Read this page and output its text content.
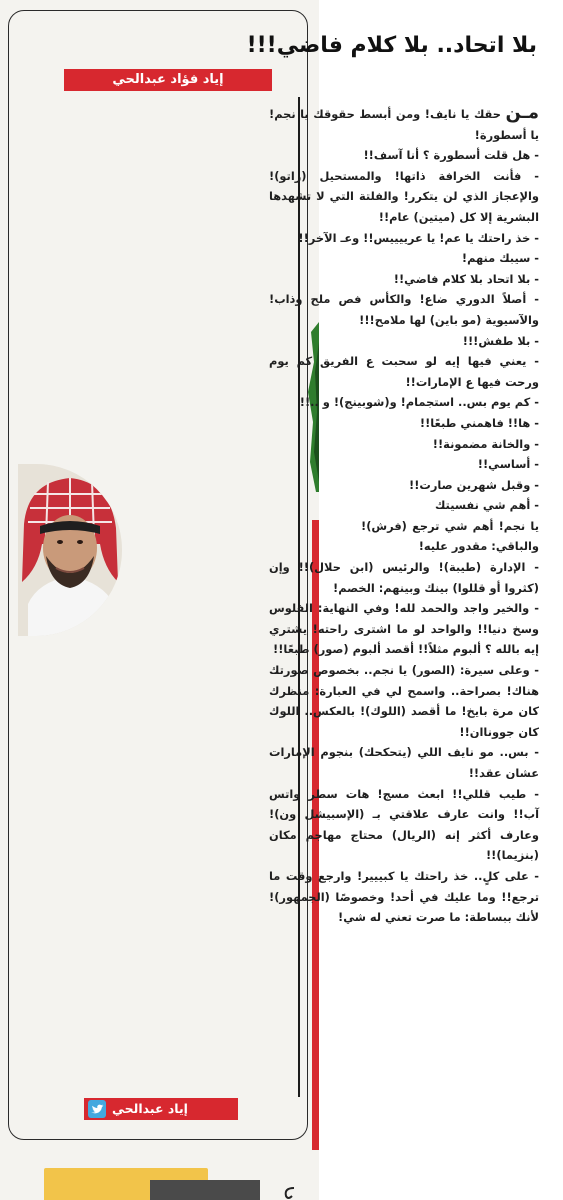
بلا اتحاد.. بلا كلام فاضي!!!
إياد فؤاد عبدالحي
مـن حقك يا نايف! ومن أبسط حقوقك يا نجم! يا أسطورة!
- هل قلت أسطورة ؟ أنا آسف!!
- فأنت الخرافة ذاتها! والمستحيل (زاتو)! والإعجاز الذي لن يتكرر! والفلتة التي لا تشهدها البشرية إلا كل (ميتين) عام!!
- خذ راحتك يا عم! يا عرييييس!! وعـ الآخر!!
- سيبك منهم!
- بلا اتحاد بلا كلام فاضي!!
- أصلاً الدوري ضاع! والكأس فص ملح وذاب! والآسيوية (مو باين) لها ملامح!!!
- بلا طفش!!!
- يعني فيها إيه لو سحبت ع الفريق كم يوم ورحت فيها ع الإمارات!!
- كم يوم بس.. استجمام! و(شوبينج)! و ..!!
- ها!! فاهمني طبعًا!!
- والخانة مضمونة!!
- أساسي!!
- وقبل شهرين صارت!!
- أهم شي نفسيتك
يا نجم! أهم شي ترجع (فرش)! والباقي: مقدور عليه!
- الإدارة (طيبة)! والرئيس (ابن حلال)!! وإن (كثروا أو قللوا) بينك وبينهم: الخصم!
- والخير واجد والحمد لله! وفي النهاية: الفلوس وسخ دنيا!! والواحد لو ما اشترى راحته! يشتري إيه بالله ؟ ألبوم مثلاً!! أقصد ألبوم (صور) طبعًا!!
- وعلى سيرة: (الصور) يا نجم.. بخصوص صورتك هناك! بصراحة.. واسمح لي في العبارة: منظرك كان مرة بايخ! ما أقصد (اللوك)! بالعكس.. اللوك كان جووناان!!
- بس.. مو نايف اللي (يتحكحك) بنجوم الإمارات عشان عقد!!
- طيب قللي!! ابعث مسج! هات سطر واتس آب!! وانت عارف علاقتي بـ (الإسبيشل ون)! وعارف أكثر إنه (الريال) محتاج مهاجم مكان (بنزيما)!!
- على كلٍ.. خذ راحتك يا كبييير! وارجع وقت ما ترجع!! وما عليك في أحد! وخصوصًا (الجمهور)! لأنك ببساطة: ما صرت تعني له شي!
إياد عبدالحي
